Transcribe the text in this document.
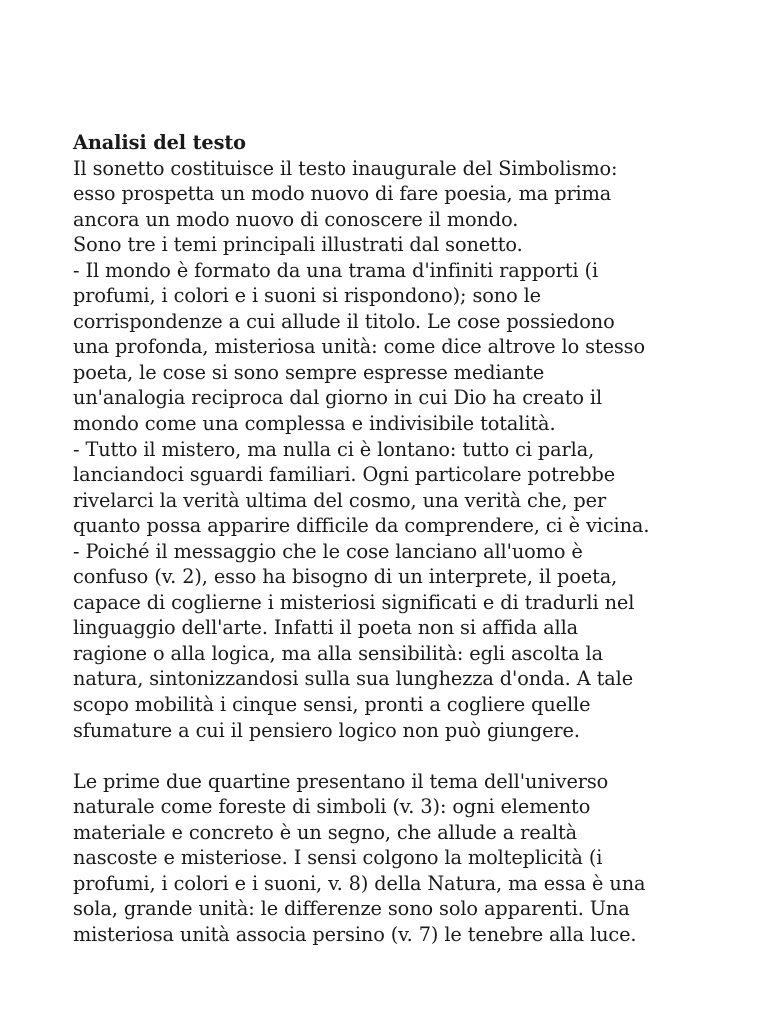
Analisi del testo

Il sonetto costituisce il testo inaugurale del Simbolismo:

esso prospetta un modo nuovo di fare poesia, ma prima

ancora un modo nuovo di conoscere il mondo.

Sono tre i temi principali illustrati dal sonetto.

- Il mondo è formato da una trama d'infiniti rapporti (i

profumi, i colori e i suoni si rispondono); sono le

corrispondenze a cui allude il titolo. Le cose possiedono

una profonda, misteriosa unità: come dice altrove lo stesso

poeta, le cose si sono sempre espresse mediante

un'analogia reciproca dal giorno in cui Dio ha creato il

mondo come una complessa e indivisibile totalità.

- Tutto il mistero, ma nulla ci è lontano: tutto ci parla,

lanciandoci sguardi familiari. Ogni particolare potrebbe

rivelarci la verità ultima del cosmo, una verità che, per

quanto possa apparire difficile da comprendere, ci è vicina.

- Poiché il messaggio che le cose lanciano all'uomo è

confuso (v. 2), esso ha bisogno di un interprete, il poeta,

capace di coglierne i misteriosi significati e di tradurli nel

linguaggio dell'arte. Infatti il poeta non si affida alla

ragione o alla logica, ma alla sensibilità: egli ascolta la

natura, sintonizzandosi sulla sua lunghezza d'onda. A tale

scopo mobilità i cinque sensi, pronti a cogliere quelle

sfumature a cui il pensiero logico non può giungere.

Le prime due quartine presentano il tema dell'universo

naturale come foreste di simboli (v. 3): ogni elemento

materiale e concreto è un segno, che allude a realtà

nascoste e misteriose. I sensi colgono la molteplicità (i

profumi, i colori e i suoni, v. 8) della Natura, ma essa è una

sola, grande unità: le differenze sono solo apparenti. Una

misteriosa unità associa persino (v. 7) le tenebre alla luce.
